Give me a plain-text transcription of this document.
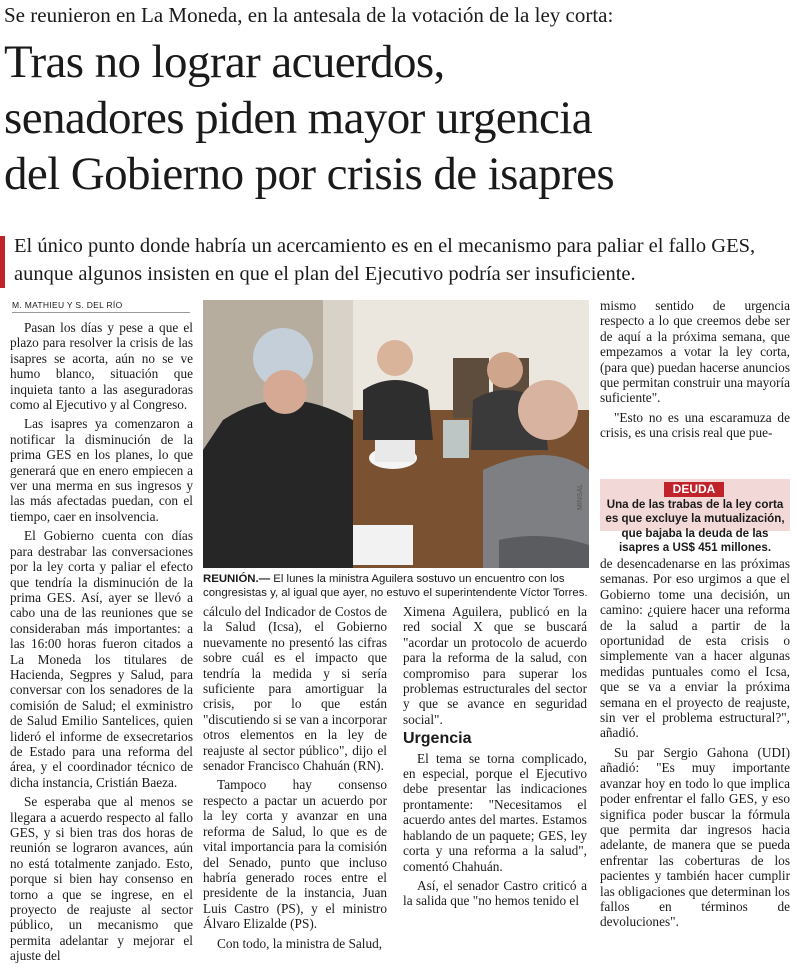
Se reunieron en La Moneda, en la antesala de la votación de la ley corta:
Tras no lograr acuerdos,
senadores piden mayor urgencia
del Gobierno por crisis de isapres
El único punto donde habría un acercamiento es en el mecanismo para paliar el fallo GES, aunque algunos insisten en que el plan del Ejecutivo podría ser insuficiente.
M. MATHIEU Y S. DEL RÍO

Pasan los días y pese a que el plazo para resolver la crisis de las isapres se acorta, aún no se ve humo blanco, situación que inquieta tanto a las aseguradoras como al Ejecutivo y al Congreso.

Las isapres ya comenzaron a notificar la disminución de la prima GES en los planes, lo que generará que en enero empiecen a ver una merma en sus ingresos y las más afectadas puedan, con el tiempo, caer en insolvencia.

El Gobierno cuenta con días para destrabar las conversaciones por la ley corta y paliar el efecto que tendría la disminución de la prima GES. Así, ayer se llevó a cabo una de las reuniones que se consideraban más importantes: a las 16:00 horas fueron citados a La Moneda los titulares de Hacienda, Segpres y Salud, para conversar con los senadores de la comisión de Salud; el exministro de Salud Emilio Santelices, quien lideró el informe de exsecretarios de Estado para una reforma del área, y el coordinador técnico de dicha instancia, Cristián Baeza.

Se esperaba que al menos se llegara a acuerdo respecto al fallo GES, y si bien tras dos horas de reunión se lograron avances, aún no está totalmente zanjado. Esto, porque si bien hay consenso en torno a que se ingrese, en el proyecto de reajuste al sector público, un mecanismo que permita adelantar y mejorar el ajuste del

MINSAL
REUNIÓN.— El lunes la ministra Aguilera sostuvo un encuentro con los congresistas y, al igual que ayer, no estuvo el superintendente Víctor Torres.

cálculo del Indicador de Costos de la Salud (Icsa), el Gobierno nuevamente no presentó las cifras sobre cuál es el impacto que tendría la medida y si sería suficiente para amortiguar la crisis, por lo que están "discutiendo si se van a incorporar otros elementos en la ley de reajuste al sector público", dijo el senador Francisco Chahuán (RN).

Tampoco hay consenso respecto a pactar un acuerdo por la ley corta y avanzar en una reforma de Salud, lo que es de vital importancia para la comisión del Senado, punto que incluso habría generado roces entre el presidente de la instancia, Juan Luis Castro (PS), y el ministro Álvaro Elizalde (PS).

Con todo, la ministra de Salud,

Ximena Aguilera, publicó en la red social X que se buscará "acordar un protocolo de acuerdo para la reforma de la salud, con compromiso para superar los problemas estructurales del sector y que se avance en seguridad social".

Urgencia

El tema se torna complicado, en especial, porque el Ejecutivo debe presentar las indicaciones prontamente: "Necesitamos el acuerdo antes del martes. Estamos hablando de un paquete; GES, ley corta y una reforma a la salud", comentó Chahuán.

Así, el senador Castro criticó a la salida que "no hemos tenido el

mismo sentido de urgencia respecto a lo que creemos debe ser de aquí a la próxima semana, que empezamos a votar la ley corta, (para que) puedan hacerse anuncios que permitan construir una mayoría suficiente".

"Esto no es una escaramuza de crisis, es una crisis real que pue-

DEUDA
Una de las trabas de la ley corta es que excluye la mutualización, que bajaba la deuda de las isapres a US$ 451 millones.

de desencadenarse en las próximas semanas. Por eso urgimos a que el Gobierno tome una decisión, un camino: ¿quiere hacer una reforma de la salud a partir de la oportunidad de esta crisis o simplemente van a hacer algunas medidas puntuales como el Icsa, que se va a enviar la próxima semana en el proyecto de reajuste, sin ver el problema estructural?", añadió.

Su par Sergio Gahona (UDI) añadió: "Es muy importante avanzar hoy en todo lo que implica poder enfrentar el fallo GES, y eso significa poder buscar la fórmula que permita dar ingresos hacia adelante, de manera que se pueda enfrentar las coberturas de los pacientes y también hacer cumplir las obligaciones que determinan los fallos en términos de devoluciones".
